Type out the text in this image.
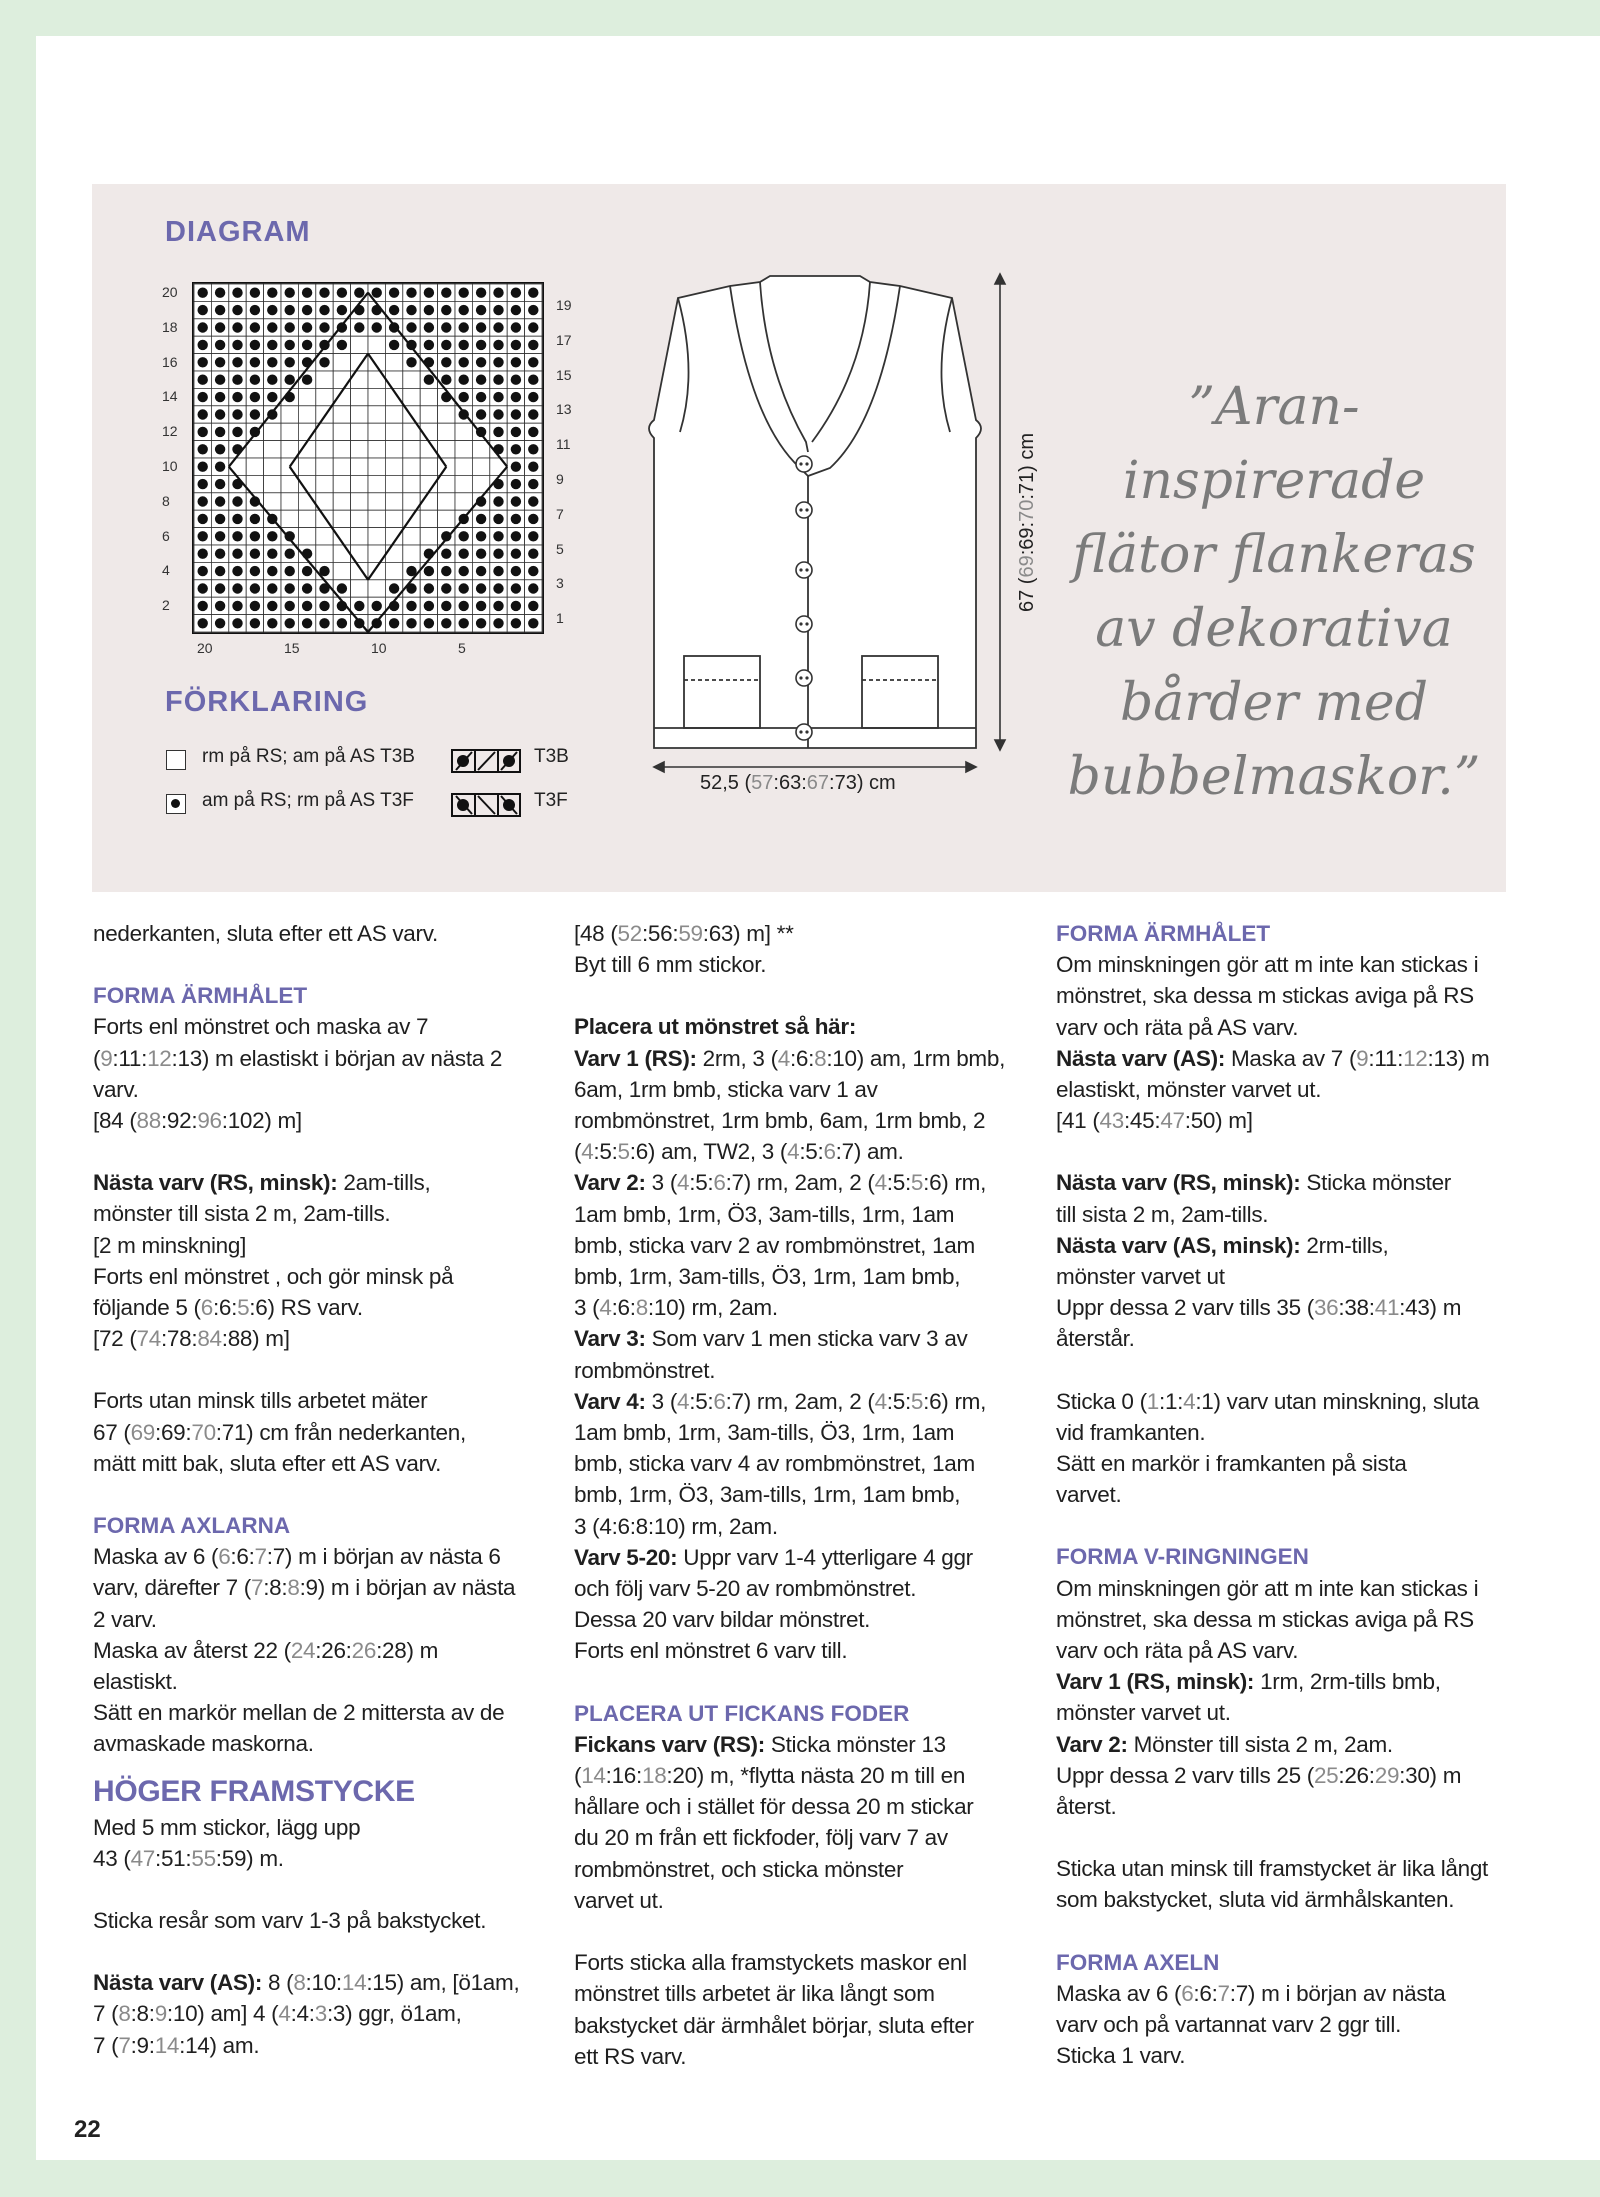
DIAGRAM
20
18
16
14
12
10
8
6
4
2
19
17
15
13
11
9
7
5
3
1
20	15	10	5
FÖRKLARING
rm på RS; am på AS T3B
am på RS; rm på AS T3F
T3B
T3F
52,5 (57:63:67:73) cm
67 (69:69:70:71) cm
”Aran-
inspirerade
flätor flankeras
av dekorativa
bårder med
bubbelmaskor.”

nederkanten, sluta efter ett AS varv.

FORMA ÄRMHÅLET

Forts enl mönstret och maska av 7

(9:11:12:13) m elastiskt i början av nästa 2

varv.

[84 (88:92:96:102) m]

Nästa varv (RS, minsk): 2am-tills,

mönster till sista 2 m, 2am-tills.

[2 m minskning]

Forts enl mönstret , och gör minsk på

följande 5 (6:6:5:6) RS varv.

[72 (74:78:84:88) m]

Forts utan minsk tills arbetet mäter

67 (69:69:70:71) cm från nederkanten,

mätt mitt bak, sluta efter ett AS varv.

FORMA AXLARNA

Maska av 6 (6:6:7:7) m i början av nästa 6

varv, därefter 7 (7:8:8:9) m i början av nästa

2 varv.

Maska av återst 22 (24:26:26:28) m

elastiskt.

Sätt en markör mellan de 2 mittersta av de

avmaskade maskorna.

HÖGER FRAMSTYCKE

Med 5 mm stickor, lägg upp

43 (47:51:55:59) m.

Sticka resår som varv 1-3 på bakstycket.

Nästa varv (AS): 8 (8:10:14:15) am, [ö1am,

7 (8:8:9:10) am] 4 (4:4:3:3) ggr, ö1am,

7 (7:9:14:14) am.

[48 (52:56:59:63) m] **

Byt till 6 mm stickor.

Placera ut mönstret så här:

Varv 1 (RS): 2rm, 3 (4:6:8:10) am, 1rm bmb,

6am, 1rm bmb, sticka varv 1 av

rombmönstret, 1rm bmb, 6am, 1rm bmb, 2

(4:5:5:6) am, TW2, 3 (4:5:6:7) am.

Varv 2: 3 (4:5:6:7) rm, 2am, 2 (4:5:5:6) rm,

1am bmb, 1rm, Ö3, 3am-tills, 1rm, 1am

bmb, sticka varv 2 av rombmönstret, 1am

bmb, 1rm, 3am-tills, Ö3, 1rm, 1am bmb,

3 (4:6:8:10) rm, 2am.

Varv 3: Som varv 1 men sticka varv 3 av

rombmönstret.

Varv 4: 3 (4:5:6:7) rm, 2am, 2 (4:5:5:6) rm,

1am bmb, 1rm, 3am-tills, Ö3, 1rm, 1am

bmb, sticka varv 4 av rombmönstret, 1am

bmb, 1rm, Ö3, 3am-tills, 1rm, 1am bmb,

3 (4:6:8:10) rm, 2am.

Varv 5-20: Uppr varv 1-4 ytterligare 4 ggr

och följ varv 5-20 av rombmönstret.

Dessa 20 varv bildar mönstret.

Forts enl mönstret 6 varv till.

PLACERA UT FICKANS FODER

Fickans varv (RS): Sticka mönster 13

(14:16:18:20) m, *flytta nästa 20 m till en

hållare och i stället för dessa 20 m stickar

du 20 m från ett fickfoder, följ varv 7 av

rombmönstret, och sticka mönster

varvet ut.

Forts sticka alla framstyckets maskor enl

mönstret tills arbetet är lika långt som

bakstycket där ärmhålet börjar, sluta efter

ett RS varv.

FORMA ÄRMHÅLET

Om minskningen gör att m inte kan stickas i

mönstret, ska dessa m stickas aviga på RS

varv och räta på AS varv.

Nästa varv (AS): Maska av 7 (9:11:12:13) m

elastiskt, mönster varvet ut.

[41 (43:45:47:50) m]

Nästa varv (RS, minsk): Sticka mönster

till sista 2 m, 2am-tills.

Nästa varv (AS, minsk): 2rm-tills,

mönster varvet ut

Uppr dessa 2 varv tills 35 (36:38:41:43) m

återstår.

Sticka 0 (1:1:4:1) varv utan minskning, sluta

vid framkanten.

Sätt en markör i framkanten på sista

varvet.

FORMA V-RINGNINGEN

Om minskningen gör att m inte kan stickas i

mönstret, ska dessa m stickas aviga på RS

varv och räta på AS varv.

Varv 1 (RS, minsk): 1rm, 2rm-tills bmb,

mönster varvet ut.

Varv 2: Mönster till sista 2 m, 2am.

Uppr dessa 2 varv tills 25 (25:26:29:30) m

återst.

Sticka utan minsk till framstycket är lika långt

som bakstycket, sluta vid ärmhålskanten.

FORMA AXELN

Maska av 6 (6:6:7:7) m i början av nästa

varv och på vartannat varv 2 ggr till.

Sticka 1 varv.

22
